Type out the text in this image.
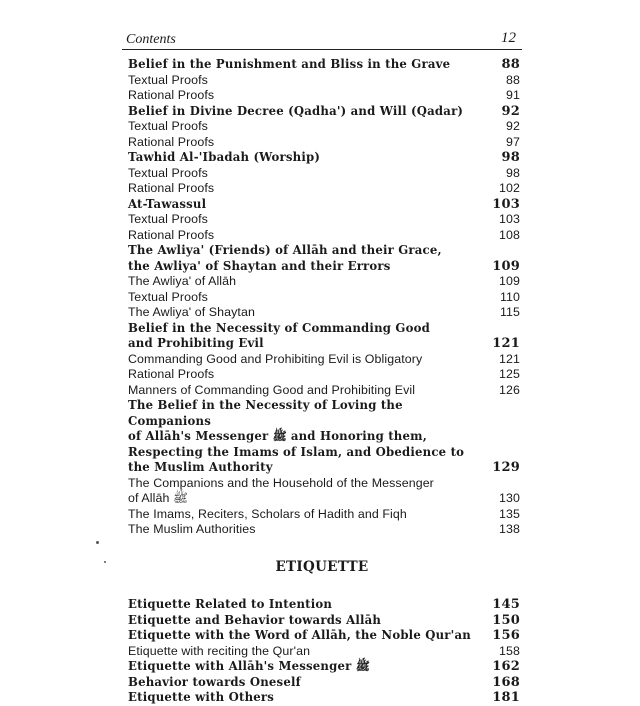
Contents	12
Belief in the Punishment and Bliss in the Grave	88
Textual Proofs	88
Rational Proofs	91
Belief in Divine Decree (Qadha') and Will (Qadar)	92
Textual Proofs	92
Rational Proofs	97
Tawhid Al-'Ibadah (Worship)	98
Textual Proofs	98
Rational Proofs	102
At-Tawassul	103
Textual Proofs	103
Rational Proofs	108
The Awliya' (Friends) of Allāh and their Grace,
the Awliya' of Shaytan and their Errors	109
The Awliya' of Allāh	109
Textual Proofs	110
The Awliya' of Shaytan	115
Belief in the Necessity of Commanding Good
and Prohibiting Evil	121
Commanding Good and Prohibiting Evil is Obligatory	121
Rational Proofs	125
Manners of Commanding Good and Prohibiting Evil	126
The Belief in the Necessity of Loving the Companions
of Allāh's Messenger ﷺ and Honoring them,
Respecting the Imams of Islam, and Obedience to
the Muslim Authority	129
The Companions and the Household of the Messenger
of Allāh ﷺ	130
The Imams, Reciters, Scholars of Hadith and Fiqh	135
The Muslim Authorities	138
ETIQUETTE
Etiquette Related to Intention	145
Etiquette and Behavior towards Allāh	150
Etiquette with the Word of Allāh, the Noble Qur'an	156
Etiquette with reciting the Qur'an	158
Etiquette with Allāh's Messenger ﷺ	162
Behavior towards Oneself	168
Etiquette with Others	181
